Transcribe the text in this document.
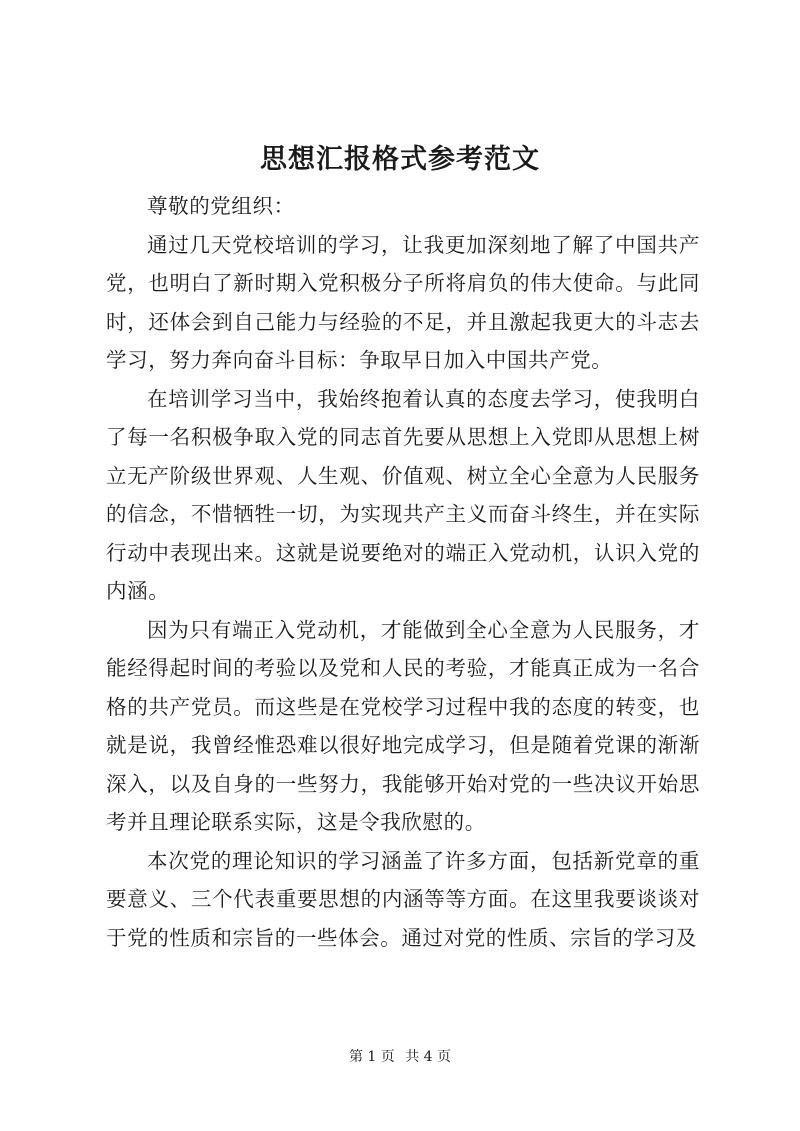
思想汇报格式参考范文

尊敬的党组织：

通过几天党校培训的学习，让我更加深刻地了解了中国共产党，也明白了新时期入党积极分子所将肩负的伟大使命。与此同时，还体会到自己能力与经验的不足，并且激起我更大的斗志去学习，努力奔向奋斗目标：争取早日加入中国共产党。

在培训学习当中，我始终抱着认真的态度去学习，使我明白了每一名积极争取入党的同志首先要从思想上入党即从思想上树立无产阶级世界观、人生观、价值观、树立全心全意为人民服务的信念，不惜牺牲一切，为实现共产主义而奋斗终生，并在实际行动中表现出来。这就是说要绝对的端正入党动机，认识入党的内涵。

因为只有端正入党动机，才能做到全心全意为人民服务，才能经得起时间的考验以及党和人民的考验，才能真正成为一名合格的共产党员。而这些是在党校学习过程中我的态度的转变，也就是说，我曾经惟恐难以很好地完成学习，但是随着党课的渐渐深入，以及自身的一些努力，我能够开始对党的一些决议开始思考并且理论联系实际，这是令我欣慰的。

本次党的理论知识的学习涵盖了许多方面，包括新党章的重要意义、三个代表重要思想的内涵等等方面。在这里我要谈谈对于党的性质和宗旨的一些体会。通过对党的性质、宗旨的学习及

第 1 页 共 4 页
